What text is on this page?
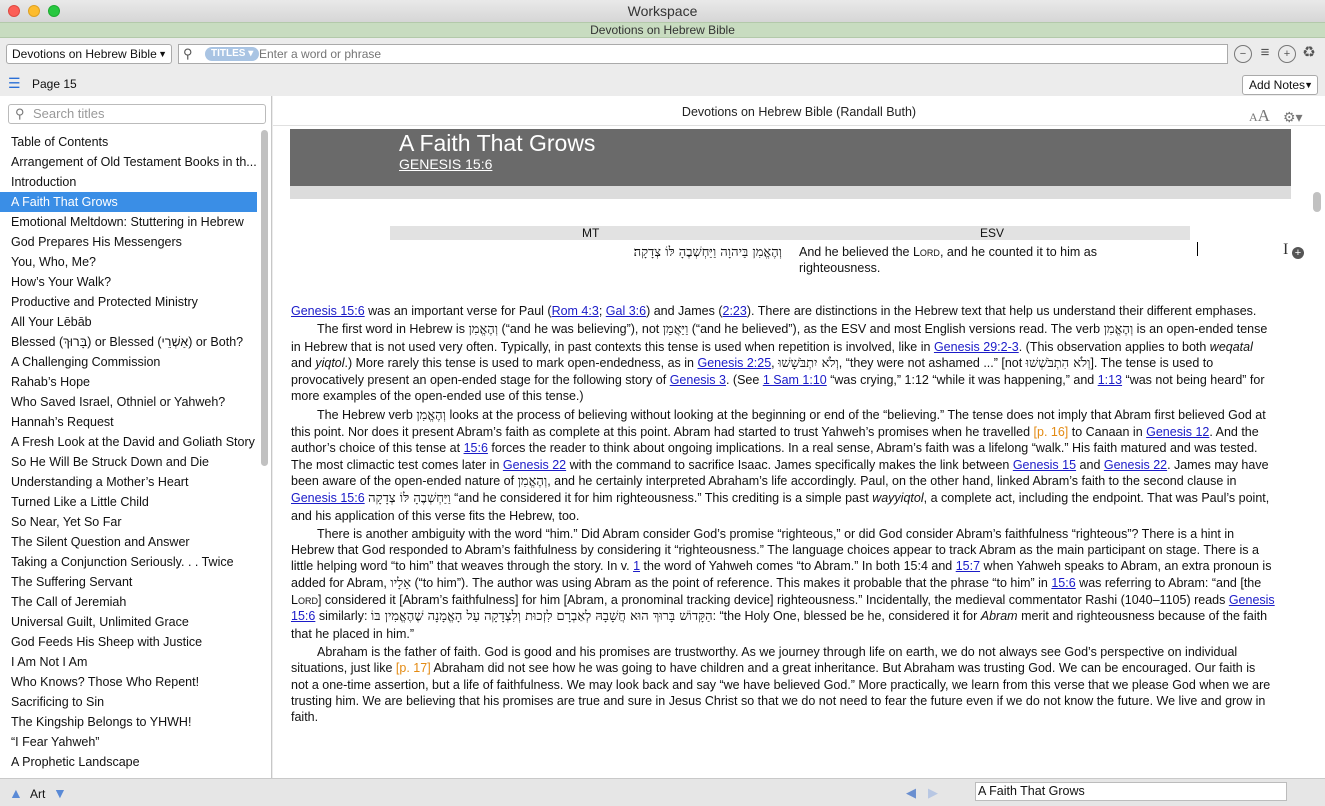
Workspace
Devotions on Hebrew Bible
Devotions on Hebrew Bible ▼ ⚲	TITLES ▾
Enter a word or phrase	− ≡	+ ♻
☰ Page 15	Add Notes ▼
⚲ Search titles
Table of Contents
Arrangement of Old Testament Books in th...
Introduction
A Faith That Grows
Emotional Meltdown: Stuttering in Hebrew
God Prepares His Messengers
You, Who, Me?
How’s Your Walk?
Productive and Protected Ministry
All Your Lēbāb
Blessed (בָּרוּךְ) or Blessed (אַשְׁרֵי) or Both?
A Challenging Commission
Rahab’s Hope
Who Saved Israel, Othniel or Yahweh?
Hannah’s Request
A Fresh Look at the David and Goliath Story
So He Will Be Struck Down and Die
Understanding a Mother’s Heart
Turned Like a Little Child
So Near, Yet So Far
The Silent Question and Answer
Taking a Conjunction Seriously. . . Twice
The Suffering Servant
The Call of Jeremiah
Universal Guilt, Unlimited Grace
God Feeds His Sheep with Justice
I Am Not I Am
Who Knows? Those Who Repent!
Sacrificing to Sin
The Kingship Belongs to YHWH!
“I Fear Yahweh”
A Prophetic Landscape
Devotions on Hebrew Bible (Randall Buth)	AA ⚙▾
A Faith That Grows
GENESIS 15:6
MT	ESV
וְהֶאֱמִן בַּיהוָה וַיַּחְשְׁבֶהָ לּוֹ צְדָקָה׃ And he believed the Lord, and he counted it to him as righteousness.
I +

Genesis 15:6 was an important verse for Paul (Rom 4:3; Gal 3:6) and James (2:23). There are distinctions in the Hebrew text that help us understand their different emphases.

The first word in Hebrew is וְהֶאֱמִן (“and he was believing”), not וַיַּאֲמֵן (“and he believed”), as the ESV and most English versions read. The verb וְהֶאֱמִן is an open-ended tense in Hebrew that is not used very often. Typically, in past contexts this tense is used when repetition is involved, like in Genesis 29:2-3. (This observation applies to both weqatal and yiqtol.) More rarely this tense is used to mark open-endedness, as in Genesis 2:25, וְלֹא יִתְבֹּשָׁשׁוּ, “they were not ashamed ...” [not וְלֹא הִתְבֹּשְׁשׁוּ]. The tense is used to provocatively present an open-ended stage for the following story of Genesis 3. (See 1 Sam 1:10 “was crying,” 1:12 “while it was happening,” and 1:13 “was not being heard” for more examples of the open-ended use of this tense.)

The Hebrew verb וְהֶאֱמִן looks at the process of believing without looking at the beginning or end of the “believing.” The tense does not imply that Abram first believed God at this point. Nor does it present Abram’s faith as complete at this point. Abram had started to trust Yahweh’s promises when he travelled [p. 16] to Canaan in Genesis 12. And the author’s choice of this tense at 15:6 forces the reader to think about ongoing implications. In a real sense, Abram’s faith was a lifelong “walk.” His faith matured and was tested. The most climactic test comes later in Genesis 22 with the command to sacrifice Isaac. James specifically makes the link between Genesis 15 and Genesis 22. James may have been aware of the open-ended nature of וְהֶאֱמִן, and he certainly interpreted Abraham’s life accordingly. Paul, on the other hand, linked Abram’s faith to the second clause in Genesis 15:6 וַיַּחְשְׁבֶהָ לּוֹ צְדָקָה “and he considered it for him righteousness.” This crediting is a simple past wayyiqtol, a complete act, including the endpoint. That was Paul’s point, and his application of this verse fits the Hebrew, too.

There is another ambiguity with the word “him.” Did Abram consider God’s promise “righteous,” or did God consider Abram’s faithfulness “righteous”? There is a hint in Hebrew that God responded to Abram’s faithfulness by considering it “righteousness.” The language choices appear to track Abram as the main participant on stage. There is a little helping word “to him” that weaves through the story. In v. 1 the word of Yahweh comes “to Abram.” In both 15:4 and 15:7 when Yahweh speaks to Abram, an extra pronoun is added for Abram, אֵלָיו (“to him”). The author was using Abram as the point of reference. This makes it probable that the phrase “to him” in 15:6 was referring to Abram: “and [the Lord] considered it [Abram’s faithfulness] for him [Abram, a pronominal tracking device] righteousness.” Incidentally, the medieval commentator Rashi (1040–1105) reads Genesis 15:6 similarly: הַקָּדוֹשׁ בָּרוּךְ הוּא חֲשָׁבָהּ לְאַבְרָם לִזְכוּת וְלִצְדָקָה עַל הָאֱמָנָה שֶׁהֶאֱמִין בּוֹ: “the Holy One, blessed be he, considered it for Abram merit and righteousness because of the faith that he placed in him.”

Abraham is the father of faith. God is good and his promises are trustworthy. As we journey through life on earth, we do not always see God’s perspective on individual situations, just like [p. 17] Abraham did not see how he was going to have children and a great inheritance. But Abraham was trusting God. We can be encouraged. Our faith is not a one-time assertion, but a life of faithfulness. We may look back and say “we have believed God.” More practically, we learn from this verse that we please God when we are trusting him. We are believing that his promises are true and sure in Jesus Christ so that we do not need to fear the future even if we do not know the future. We live and grow in faith.

▲ Art ▼	◀ ▶	A Faith That Grows
